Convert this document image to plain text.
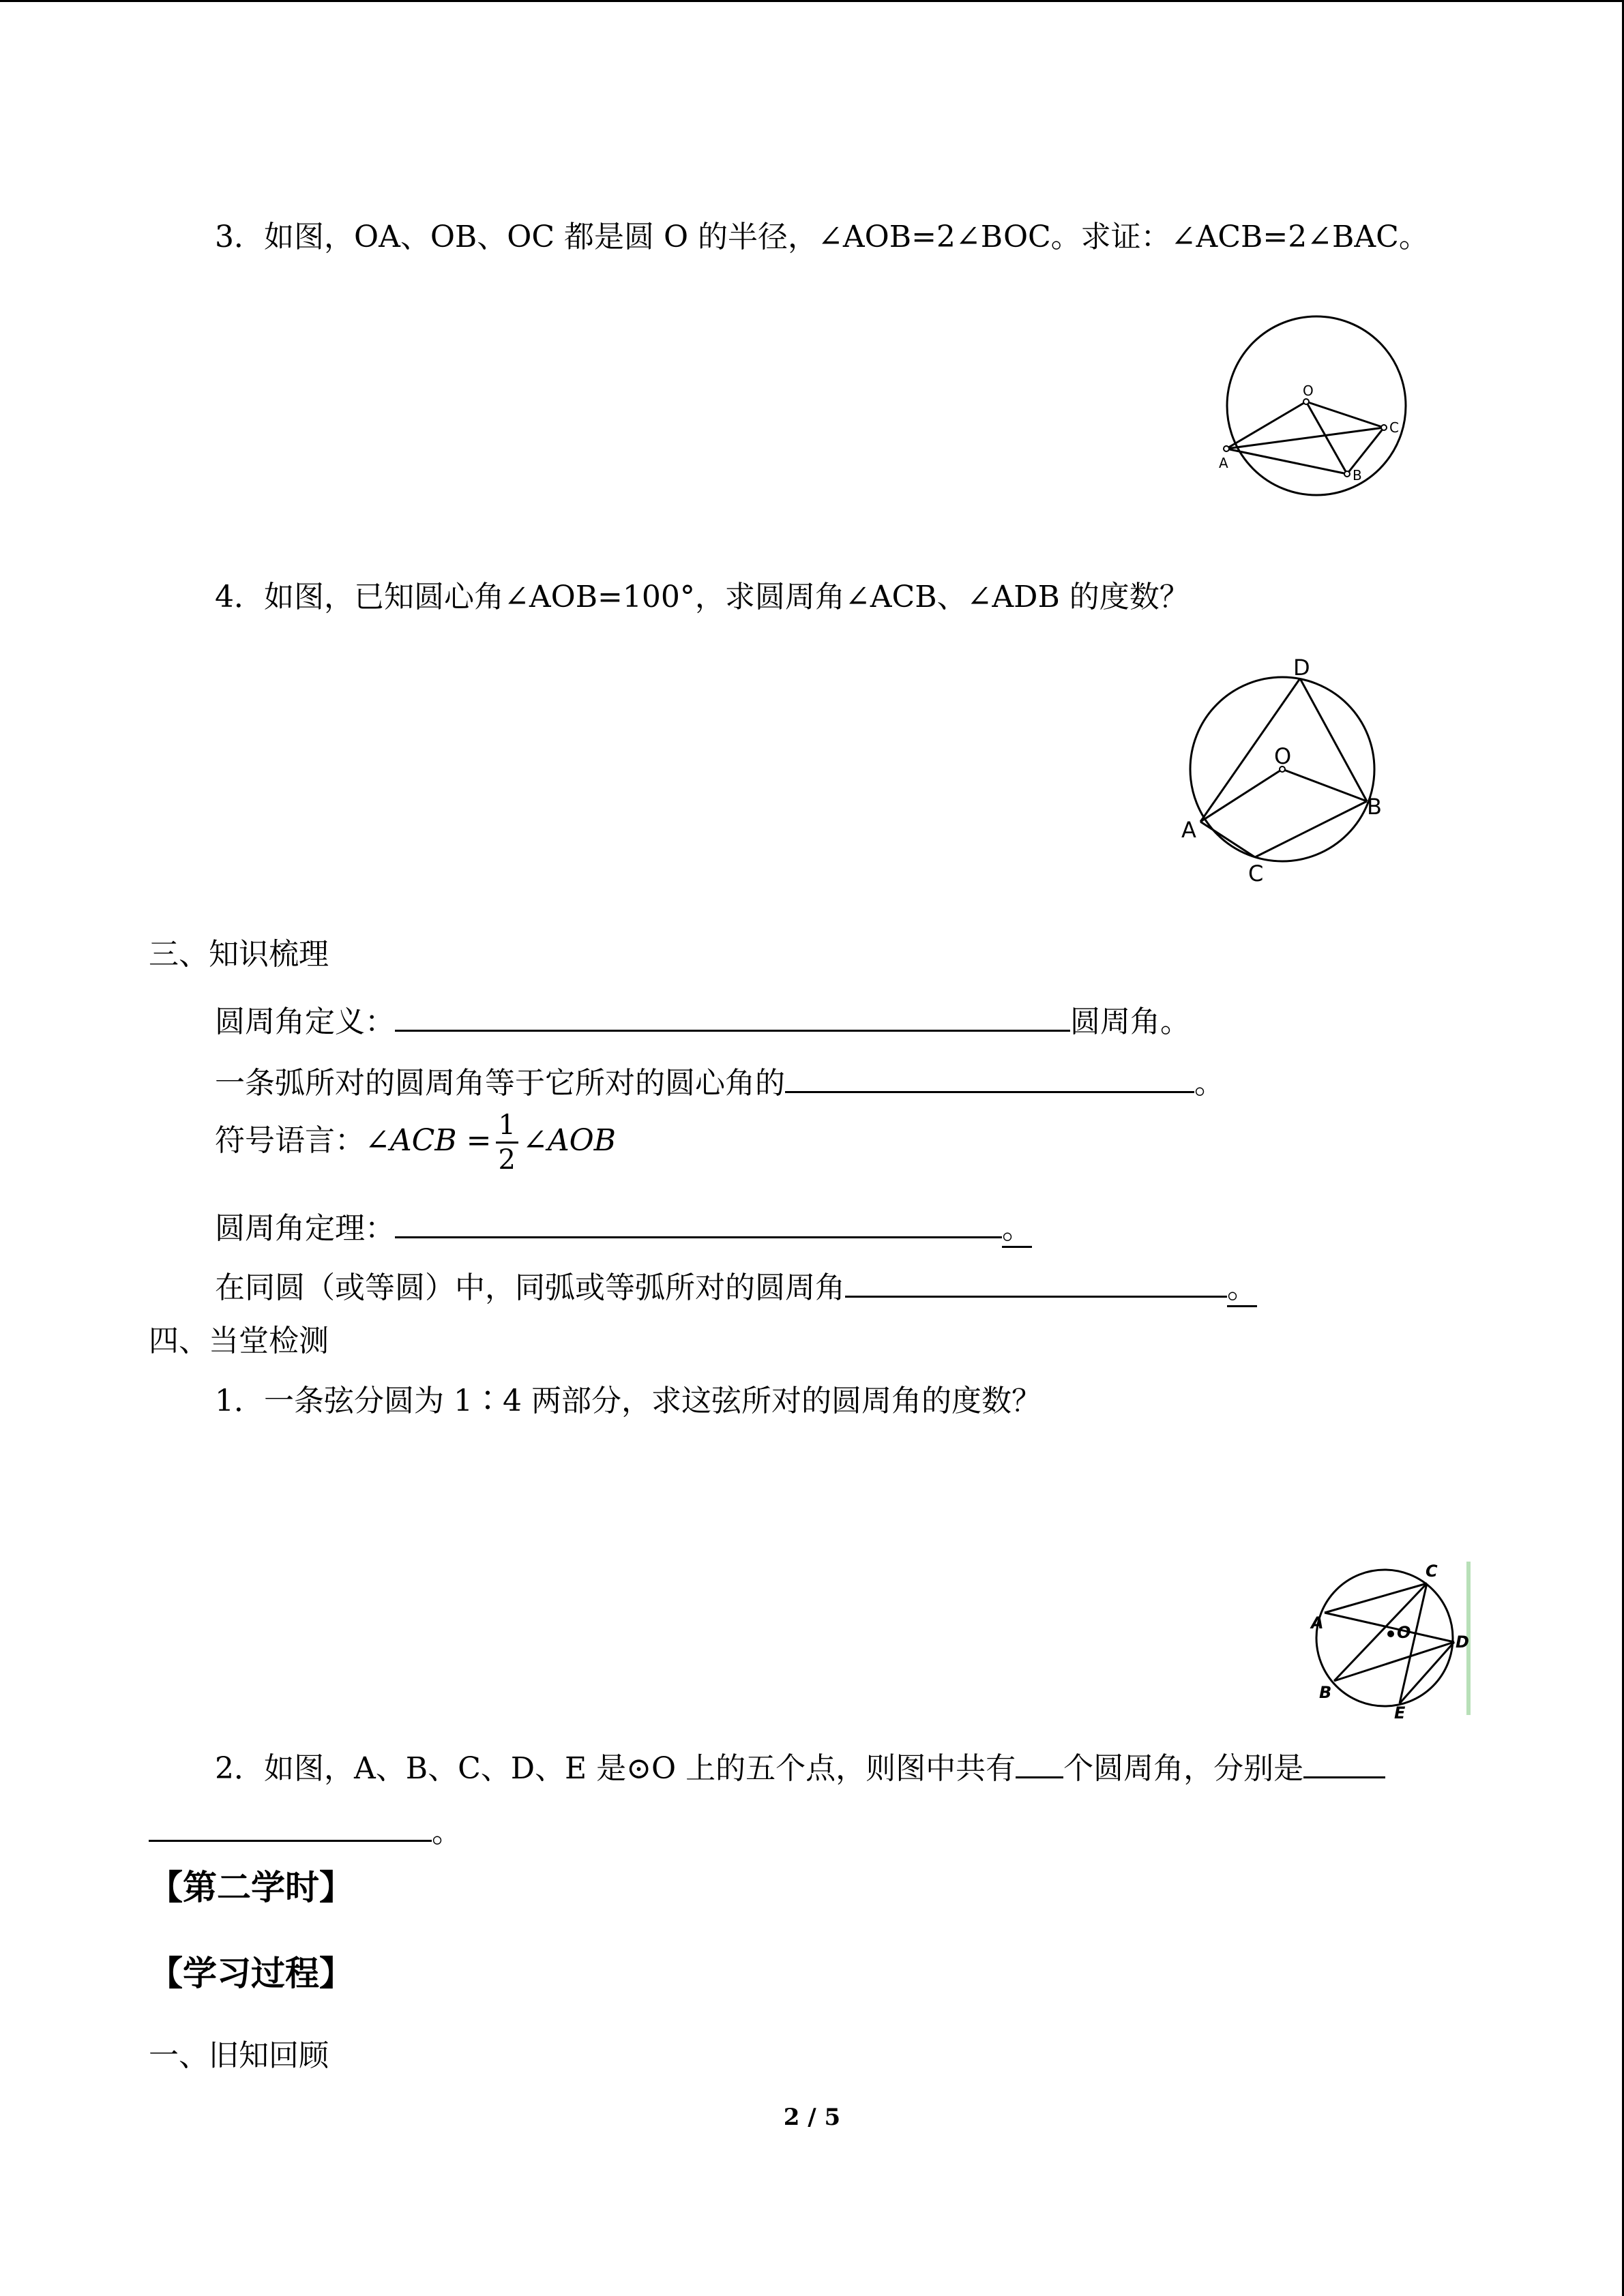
3．如图，OA、OB、OC 都是圆 O 的半径，∠AOB=2∠BOC。求证：∠ACB=2∠BAC。
O
A
B
C
4．如图，已知圆心角∠AOB=100°，求圆周角∠ACB、∠ADB 的度数？
D
O
A
B
C
三、知识梳理
圆周角定义：	圆周角。
一条弧所对的圆周角等于它所对的圆心角的	。
符号语言：∠ACB = $\frac{1}{2}$ ∠AOB
圆周角定理：	。
在同圆（或等圆）中，同弧或等弧所对的圆周角	。
四、当堂检测
1．一条弦分圆为 1∶4 两部分，求这弦所对的圆周角的度数？
C
A	O	D
B
E
2．如图，A、B、C、D、E 是⊙O 上的五个点，则图中共有 个圆周角，分别是
。
【第二学时】
【学习过程】
一、旧知回顾
2 / 5
